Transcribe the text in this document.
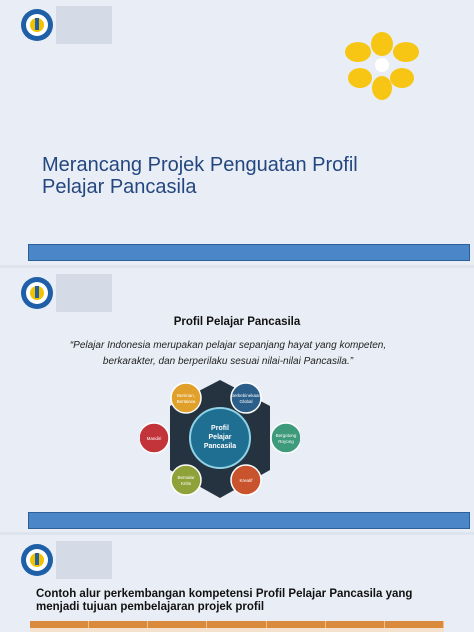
Merancang Projek Penguatan Profil
Pelajar Pancasila
Profil Pelajar Pancasila
“Pelajar Indonesia merupakan pelajar sepanjang hayat yang kompeten,
berkarakter, dan berperilaku sesuai nilai-nilai Pancasila.”
Beriman,
Bertakwa
Berkebinekaan
Global
Bergotong
Royong
Kreatif
Bernalar
Kritis
Mandiri
Profil
Pelajar
Pancasila
Contoh alur perkembangan kompetensi Profil Pelajar Pancasila yang
menjadi tujuan pembelajaran projek profil
